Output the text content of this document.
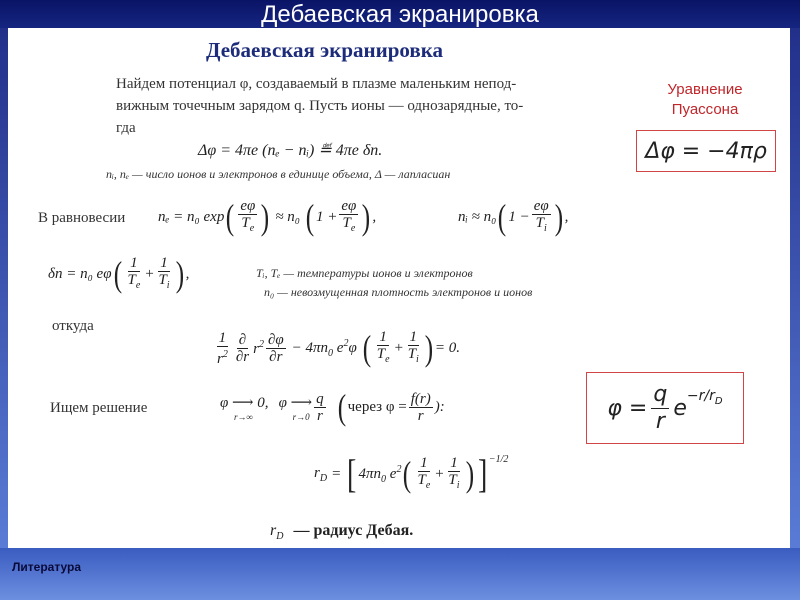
Дебаевская экранировка
Дебаевская экранировка
Найдем потенциал φ, создаваемый в плазме маленьким непод-
вижным точечным зарядом q. Пусть ионы — однозарядные, то-
гда
Δφ = 4πe (nₑ − nᵢ) ≝ 4πe δn.
nᵢ, nₑ — число ионов и электронов в единице объема, Δ — лапласиан
В равновесии nₑ = n₀ exp ( $\frac{e\varphi}{T_e}$ ) ≈ n₀ ( $1 + \frac{e\varphi}{T_e}$ ) ,	nᵢ ≈ n₀ ( $1 - \frac{e\varphi}{T_i}$ ) ,
δn = n₀ eφ ( $\frac{1}{T_e} + \frac{1}{T_i}$ ) ,	Tᵢ, Tₑ — температуры ионов и электронов
n₀ — невозмущенная плотность электронов и ионов
откуда
$\frac{1}{r^2} \frac{\partial}{\partial r} r^2 \frac{\partial\varphi}{\partial r} - 4\pi n_0$ $e^2\varphi$ ( $\frac{1}{T_e} + \frac{1}{T_i}$ ) = 0.
Ищем решение	φ ⟶ 0,
r→∞
φ ⟶
$r\to 0 \frac{q}{r}$ ( через $\varphi = \frac{f(r)}{r}$ ):
$r_D$ = [ $4\pi n_0$ $e^2$ ( $\frac{1}{T_e} + \frac{1}{T_i}$ ) ]$^{-1/2}$
$r_D$ — радиус Дебая.
Уравнение
Пуассона
Δφ = −4πρ
$\varphi = \frac{q}{r}$ e $^{-r/r_D}$
Литература
